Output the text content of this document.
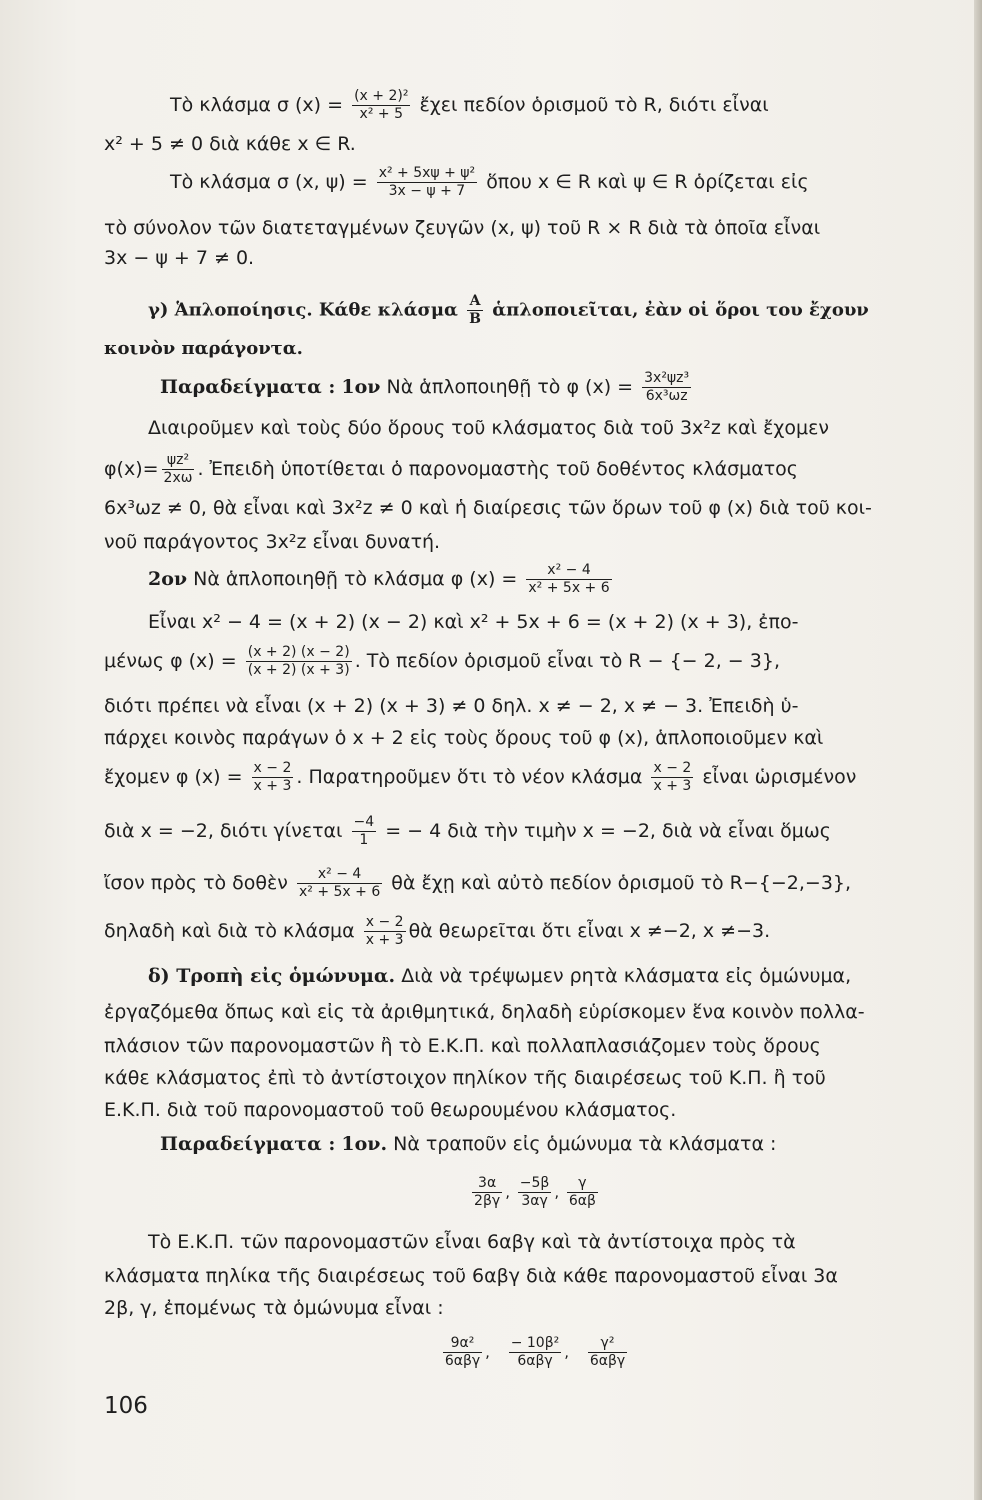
Τὸ κλάσμα σ $(x) = \frac{\text{(x + 2)²}}{\text{x² + 5}}$ ἔχει πεδίον ὁρισμοῦ τὸ R, διότι εἶναι
x² + 5 ≠ 0 διὰ κάθε x ∈ R.
Τὸ κλάσμα σ (x, $\psi) = \frac{\text{x² + 5xψ + ψ²}}{3x - \psi + 7}$ ὅπου x ∈ R καὶ ψ ∈ R ὁρίζεται εἰς
τὸ σύνολον τῶν διατεταγμένων ζευγῶν (x, ψ) τοῦ R × R διὰ τὰ ὁποῖα εἶναι
3x − ψ + 7 ≠ 0.
γ) Ἁπλοποίησις. Κάθε κλάσμα $\frac{A}{B}$ ἁπλοποιεῖται, ἐὰν οἱ ὅροι του ἔχουν
κοινὸν παράγοντα.
Παραδείγματα : 1ον Νὰ ἁπλοποιηθῇ τὸ φ $(x) = \frac{\text{3x²ψz³}}{\text{6x³ωz}}$
Διαιροῦμεν καὶ τοὺς δύο ὅρους τοῦ κλάσματος διὰ τοῦ 3x²z καὶ ἔχομεν
$\varphi(x)= \frac{\text{ψz²}}{2x\omega}$ . Ἐπειδὴ ὑποτίθεται ὁ παρονομαστὴς τοῦ δοθέντος κλάσματος
6x³ωz ≠ 0, θὰ εἶναι καὶ 3x²z ≠ 0 καὶ ἡ διαίρεσις τῶν ὅρων τοῦ φ (x) διὰ τοῦ κοι-
νοῦ παράγοντος 3x²z εἶναι δυνατή.
2ον Νὰ ἁπλοποιηθῇ τὸ κλάσμα φ $(x) = \frac{\text{x² − 4}}{\text{x² + 5x + 6}}$
Εἶναι x² − 4 = (x + 2) (x − 2) καὶ x² + 5x + 6 = (x + 2) (x + 3), ἐπο-
μένως φ $(x) = \frac{(x + 2) (x - 2)}{(x + 2) (x + 3)}$ . Τὸ πεδίον ὁρισμοῦ εἶναι τὸ R − {− 2, − 3},
διότι πρέπει νὰ εἶναι (x + 2) (x + 3) ≠ 0 δηλ. x ≠ − 2, x ≠ − 3. Ἐπειδὴ ὑ-
πάρχει κοινὸς παράγων ὁ x + 2 εἰς τοὺς ὅρους τοῦ φ (x), ἁπλοποιοῦμεν καὶ
ἔχομεν φ $(x) = \frac{x - 2}{x + 3}$ . Παρατηροῦμεν ὅτι τὸ νέον κλάσμα $\frac{x - 2}{x + 3}$ εἶναι ὡρισμένον
διὰ x = −2, διότι γίνεται $\frac{-4}{1}$ = − 4 διὰ τὴν τιμὴν x = −2, διὰ νὰ εἶναι ὅμως
ἴσον πρὸς τὸ δοθὲν $\frac{\text{x² − 4}}{\text{x² + 5x + 6}}$ θὰ ἔχῃ καὶ αὐτὸ πεδίον ὁρισμοῦ τὸ R−{−2,−3},
δηλαδὴ καὶ διὰ τὸ κλάσμα $\frac{x - 2}{x + 3}$ θὰ θεωρεῖται ὅτι εἶναι x ≠−2, x ≠−3.
δ) Τροπὴ εἰς ὁμώνυμα. Διὰ νὰ τρέψωμεν ρητὰ κλάσματα εἰς ὁμώνυμα,
ἐργαζόμεθα ὅπως καὶ εἰς τὰ ἀριθμητικά, δηλαδὴ εὑρίσκομεν ἕνα κοινὸν πολλα-
πλάσιον τῶν παρονομαστῶν ἢ τὸ Ε.Κ.Π. καὶ πολλαπλασιάζομεν τοὺς ὅρους
κάθε κλάσματος ἐπὶ τὸ ἀντίστοιχον πηλίκον τῆς διαιρέσεως τοῦ Κ.Π. ἢ τοῦ
Ε.Κ.Π. διὰ τοῦ παρονομαστοῦ τοῦ θεωρουμένου κλάσματος.
Παραδείγματα : 1ον. Νὰ τραποῦν εἰς ὁμώνυμα τὰ κλάσματα :
$\frac{3\alpha}{2\beta\gamma}$ , $\frac{-5\beta}{3\alpha\gamma}$ , $\frac{\gamma}{6\alpha\beta}$
Τὸ Ε.Κ.Π. τῶν παρονομαστῶν εἶναι 6αβγ καὶ τὰ ἀντίστοιχα πρὸς τὰ
κλάσματα πηλίκα τῆς διαιρέσεως τοῦ 6αβγ διὰ κάθε παρονομαστοῦ εἶναι 3α
2β, γ, ἐπομένως τὰ ὁμώνυμα εἶναι :
$\frac{\text{9α²}}{\text{6αβγ}}$ , $\frac{\text{− 10β²}}{\text{6αβγ}}$ , $\frac{\text{γ²}}{\text{6αβγ}}$
106
